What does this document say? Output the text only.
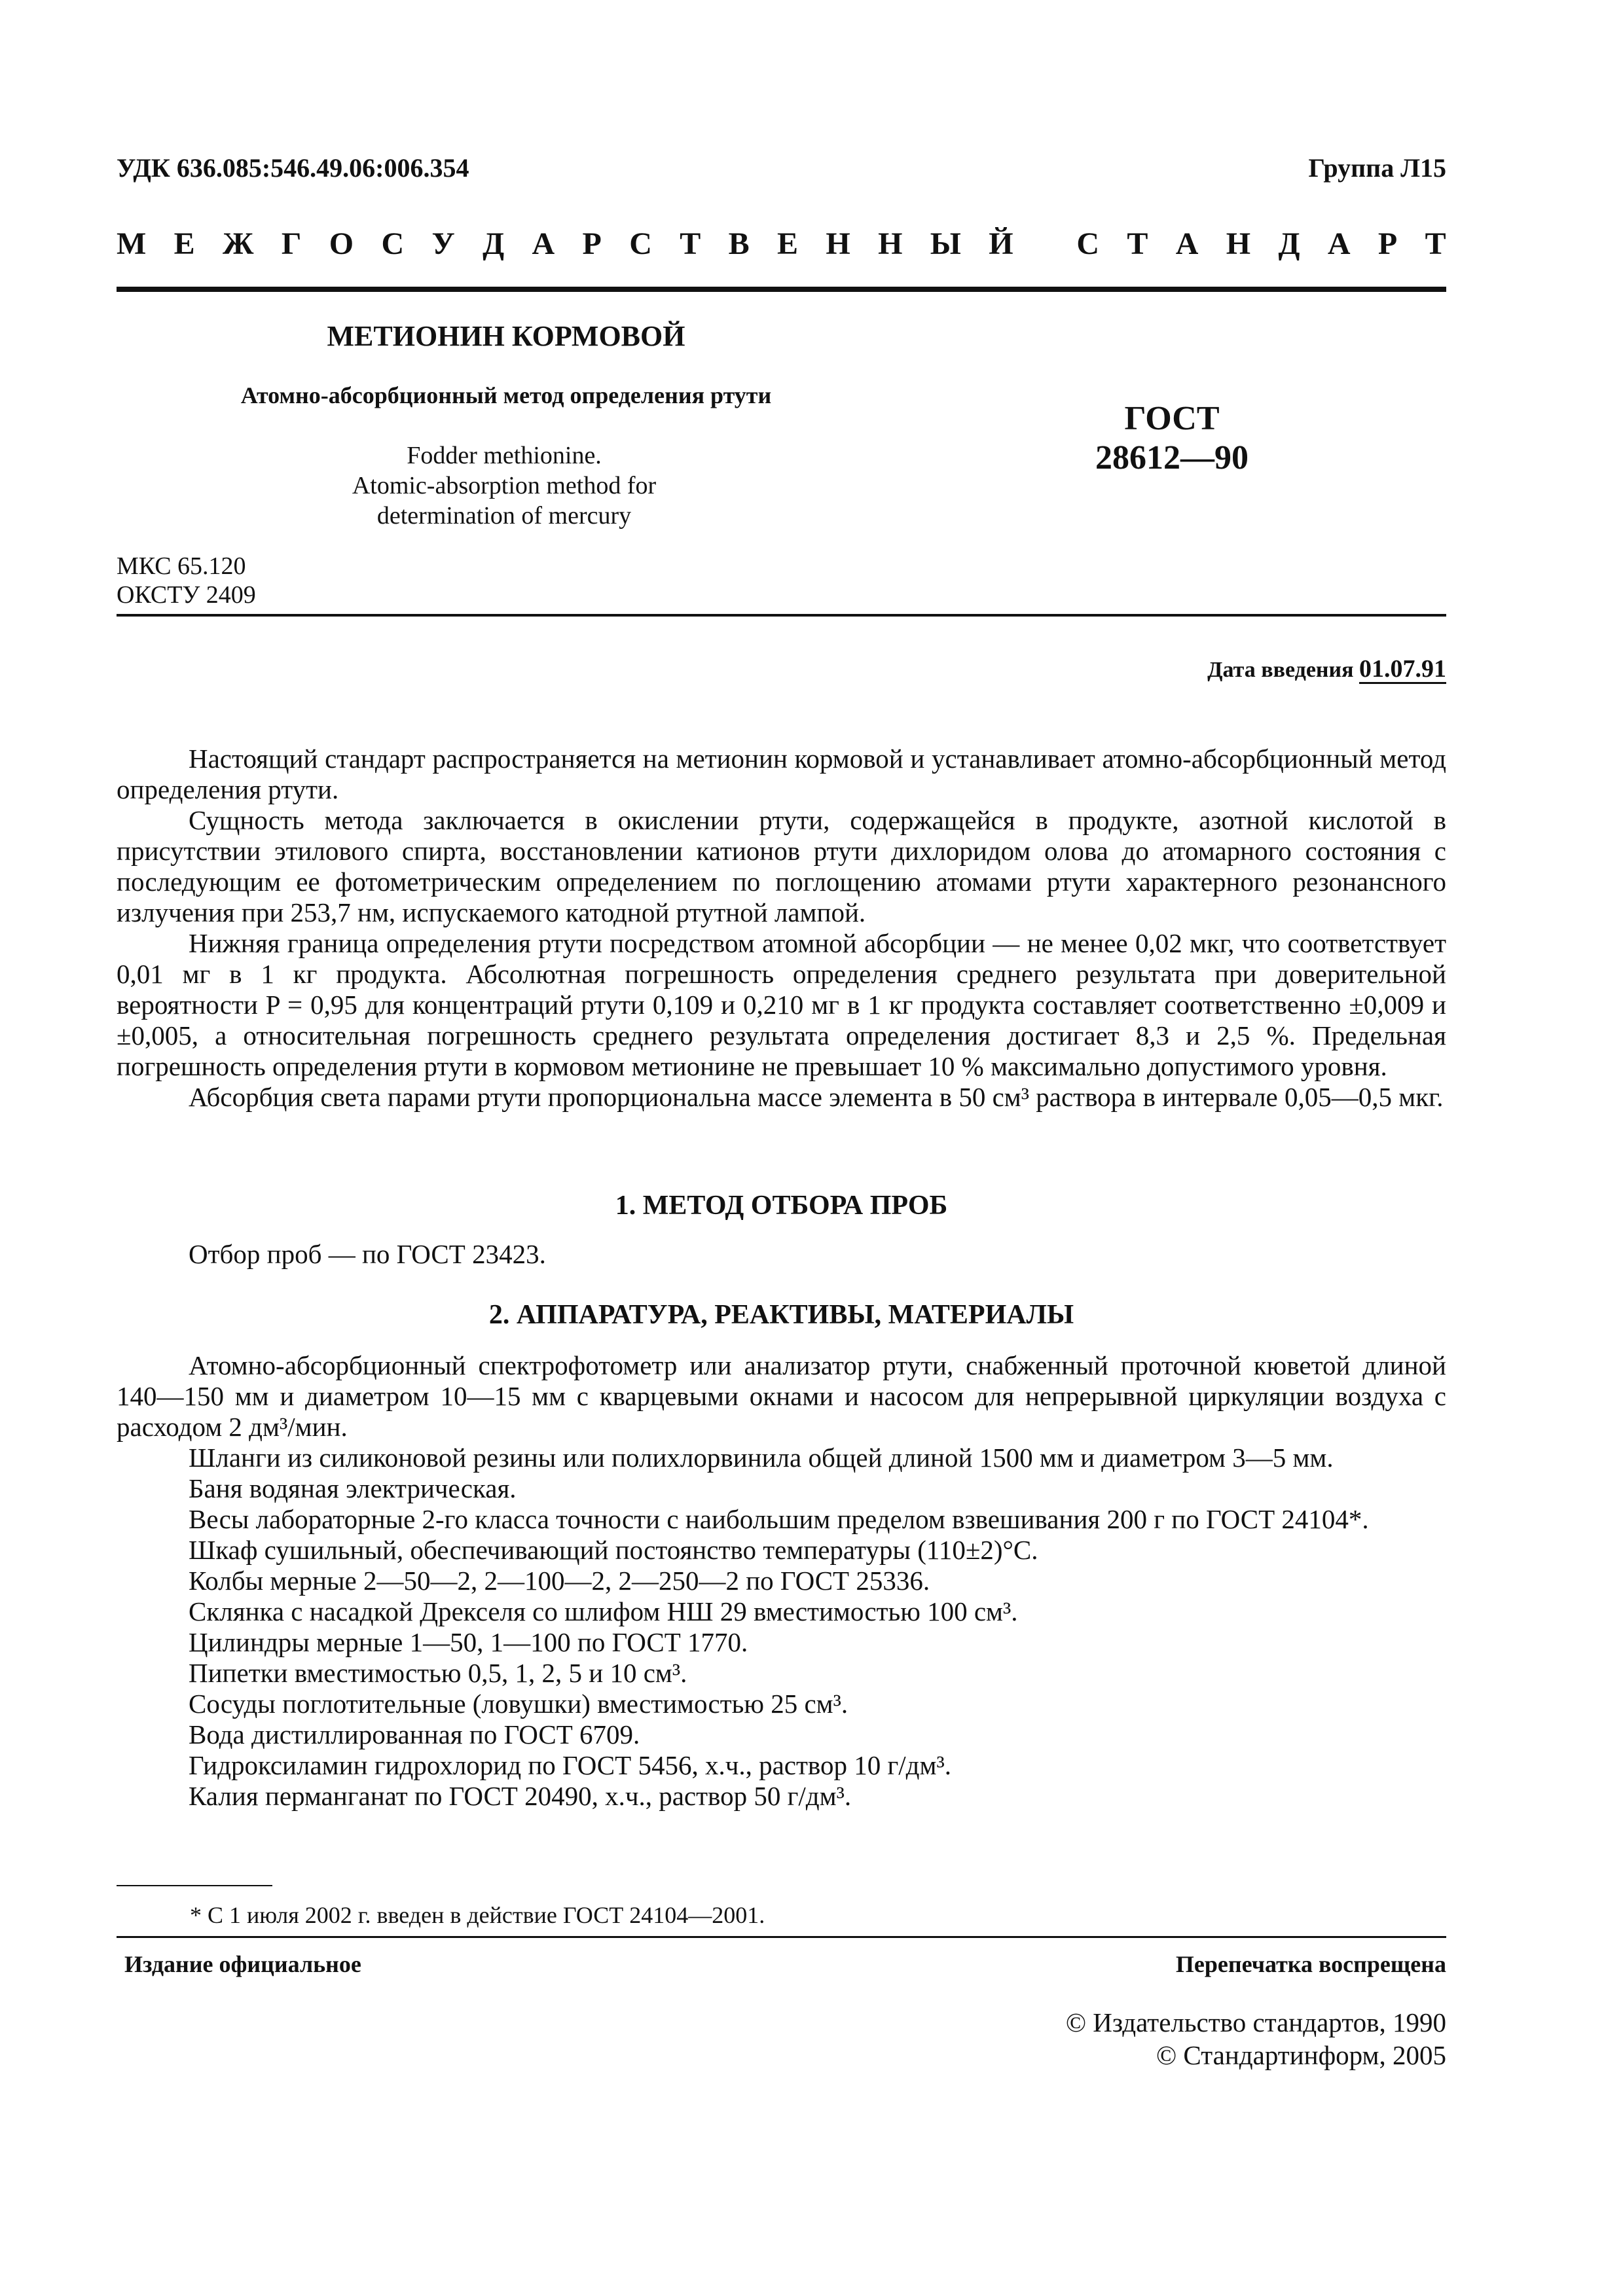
УДК 636.085:546.49.06:006.354	Группа Л15
М Е Ж Г О С У Д А Р С Т В Е Н Н Ы Й
С Т А Н Д А Р Т
МЕТИОНИН КОРМОВОЙ
Атомно-абсорбционный метод определения ртути
Fodder methionine.
Atomic-absorption method for
determination of mercury
ГОСТ
28612—90
МКС 65.120
ОКСТУ 2409
Дата введения 01.07.91

Настоящий стандарт распространяется на метионин кормовой и устанавливает атомно-абсорбционный метод определения ртути.

Сущность метода заключается в окислении ртути, содержащейся в продукте, азотной кислотой в присутствии этилового спирта, восстановлении катионов ртути дихлоридом олова до атомарного состояния с последующим ее фотометрическим определением по поглощению атомами ртути характерного резонансного излучения при 253,7 нм, испускаемого катодной ртутной лампой.

Нижняя граница определения ртути посредством атомной абсорбции — не менее 0,02 мкг, что соответствует 0,01 мг в 1 кг продукта. Абсолютная погрешность определения среднего результата при доверительной вероятности P = 0,95 для концентраций ртути 0,109 и 0,210 мг в 1 кг продукта составляет соответственно ±0,009 и ±0,005, а относительная погрешность среднего результата определения достигает 8,3 и 2,5 %. Предельная погрешность определения ртути в кормовом метионине не превышает 10 % максимально допустимого уровня.

Абсорбция света парами ртути пропорциональна массе элемента в 50 см³ раствора в интервале 0,05—0,5 мкг.

1. МЕТОД ОТБОРА ПРОБ

Отбор проб — по ГОСТ 23423.

2. АППАРАТУРА, РЕАКТИВЫ, МАТЕРИАЛЫ

Атомно-абсорбционный спектрофотометр или анализатор ртути, снабженный проточной кюветой длиной 140—150 мм и диаметром 10—15 мм с кварцевыми окнами и насосом для непрерывной циркуляции воздуха с расходом 2 дм³/мин.

Шланги из силиконовой резины или полихлорвинила общей длиной 1500 мм и диаметром 3—5 мм.

Баня водяная электрическая.

Весы лабораторные 2-го класса точности с наибольшим пределом взвешивания 200 г по ГОСТ 24104*.

Шкаф сушильный, обеспечивающий постоянство температуры (110±2)°С.

Колбы мерные 2—50—2, 2—100—2, 2—250—2 по ГОСТ 25336.

Склянка с насадкой Дрекселя со шлифом НШ 29 вместимостью 100 см³.

Цилиндры мерные 1—50, 1—100 по ГОСТ 1770.

Пипетки вместимостью 0,5, 1, 2, 5 и 10 см³.

Сосуды поглотительные (ловушки) вместимостью 25 см³.

Вода дистиллированная по ГОСТ 6709.

Гидроксиламин гидрохлорид по ГОСТ 5456, х.ч., раствор 10 г/дм³.

Калия перманганат по ГОСТ 20490, х.ч., раствор 50 г/дм³.

* С 1 июля 2002 г. введен в действие ГОСТ 24104—2001.
Издание официальное	Перепечатка воспрещена
© Издательство стандартов, 1990
© Стандартинформ, 2005
